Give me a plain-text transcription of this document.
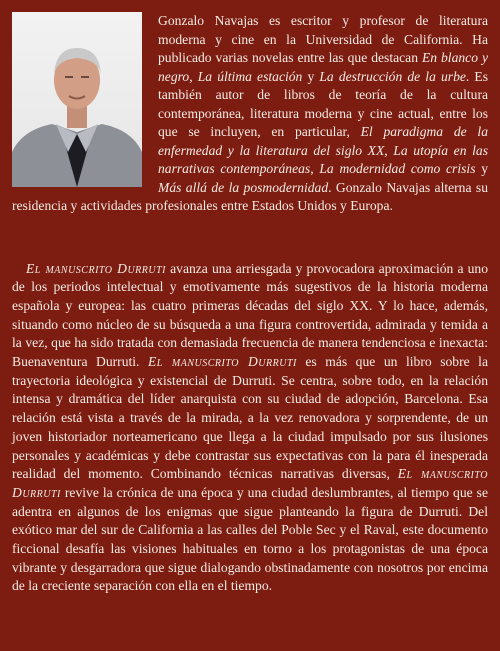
Gonzalo Navajas es escritor y profesor de literatura moderna y cine en la Universidad de California. Ha publicado varias novelas entre las que destacan En blanco y negro, La última estación y La destrucción de la urbe. Es también autor de libros de teoría de la cultura contemporánea, literatura moderna y cine actual, entre los que se incluyen, en particular, El paradigma de la enfermedad y la literatura del siglo XX, La utopía en las narrativas contemporáneas, La modernidad como crisis y Más allá de la posmodernidad. Gonzalo Navajas alterna su residencia y actividades profesionales entre Estados Unidos y Europa.

El manuscrito Durruti avanza una arriesgada y provocadora aproximación a uno de los periodos intelectual y emotivamente más sugestivos de la historia moderna española y europea: las cuatro primeras décadas del siglo XX. Y lo hace, además, situando como núcleo de su búsqueda a una figura controvertida, admirada y temida a la vez, que ha sido tratada con demasiada frecuencia de manera tendenciosa e inexacta: Buenaventura Durruti. El manuscrito Durruti es más que un libro sobre la trayectoria ideológica y existencial de Durruti. Se centra, sobre todo, en la relación intensa y dramática del líder anarquista con su ciudad de adopción, Barcelona. Esa relación está vista a través de la mirada, a la vez renovadora y sorprendente, de un joven historiador norteamericano que llega a la ciudad impulsado por sus ilusiones personales y académicas y debe contrastar sus expectativas con la para él inesperada realidad del momento. Combinando técnicas narrativas diversas, El manuscrito Durruti revive la crónica de una época y una ciudad deslumbrantes, al tiempo que se adentra en algunos de los enigmas que sigue planteando la figura de Durruti. Del exótico mar del sur de California a las calles del Poble Sec y el Raval, este documento ficcional desafía las visiones habituales en torno a los protagonistas de una época vibrante y desgarradora que sigue dialogando obstinadamente con nosotros por encima de la creciente separación con ella en el tiempo.
